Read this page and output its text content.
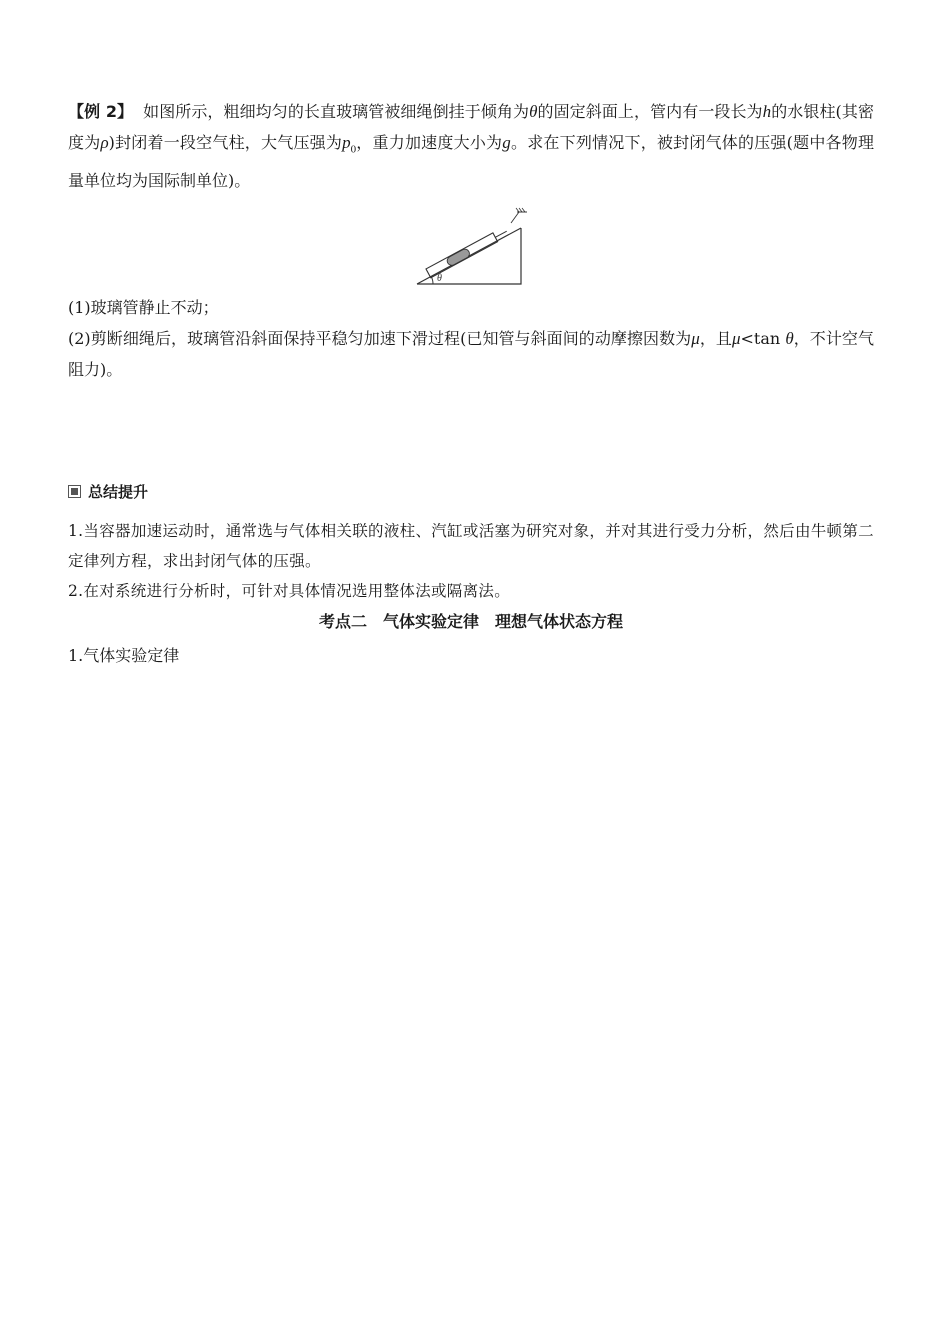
【例 2】 如图所示，粗细均匀的长直玻璃管被细绳倒挂于倾角为θ的固定斜面上，管内有一段长为h的水银柱(其密度为ρ)封闭着一段空气柱，大气压强为$p_0$，重力加速度大小为g。求在下列情况下，被封闭气体的压强(题中各物理量单位均为国际制单位)。

θ

(1)玻璃管静止不动；

(2)剪断细绳后，玻璃管沿斜面保持平稳匀加速下滑过程(已知管与斜面间的动摩擦因数为μ，且μ<tan θ，不计空气阻力)。

总结提升

1.当容器加速运动时，通常选与气体相关联的液柱、汽缸或活塞为研究对象，并对其进行受力分析，然后由牛顿第二定律列方程，求出封闭气体的压强。

2.在对系统进行分析时，可针对具体情况选用整体法或隔离法。

考点二　气体实验定律　理想气体状态方程

1.气体实验定律
